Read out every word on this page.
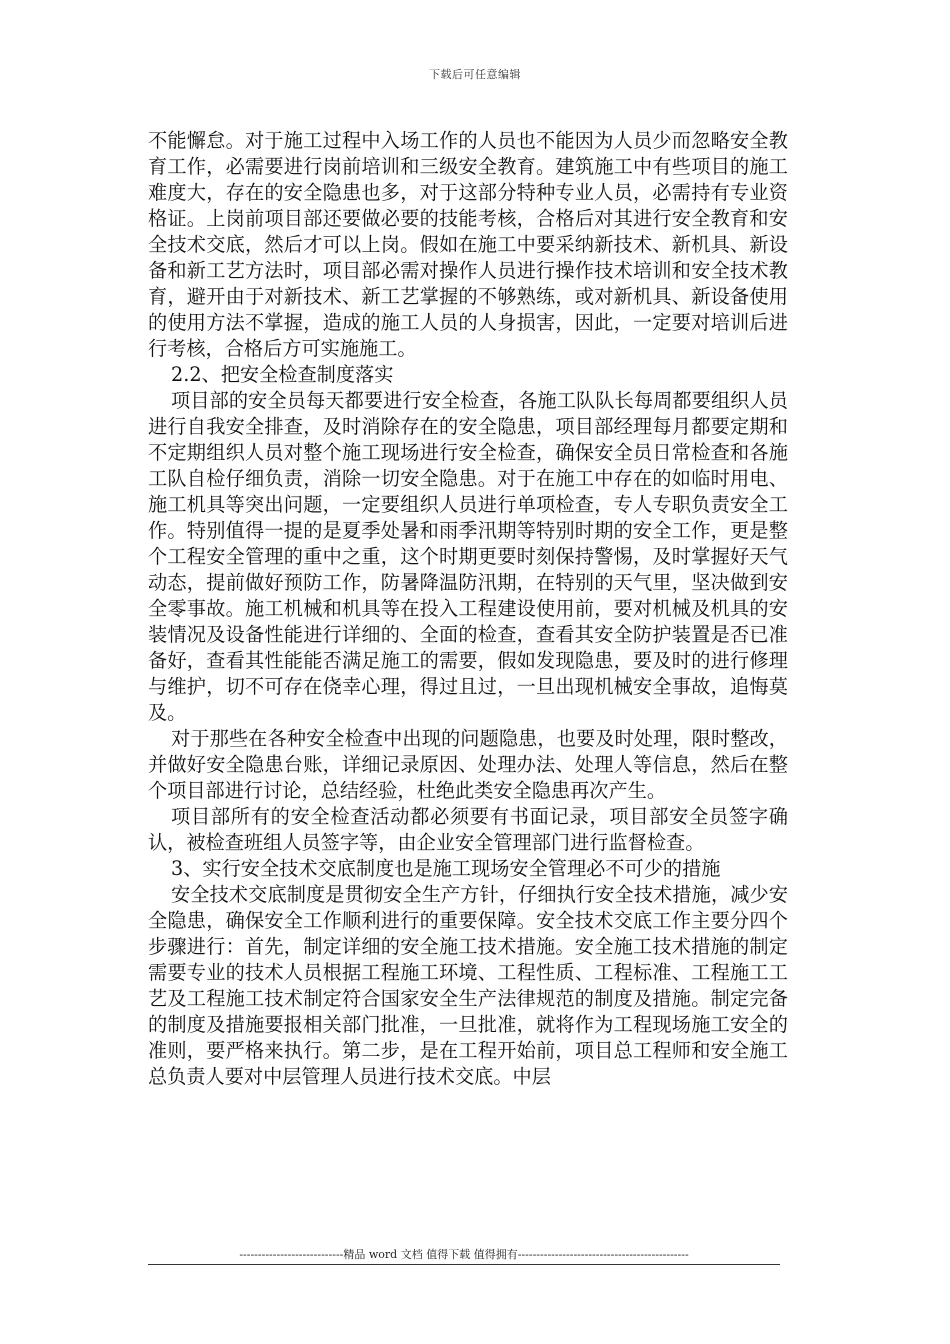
下载后可任意编辑

不能懈怠。对于施工过程中入场工作的人员也不能因为人员少而忽略安全教育工作，必需要进行岗前培训和三级安全教育。建筑施工中有些项目的施工难度大，存在的安全隐患也多，对于这部分特种专业人员，必需持有专业资格证。上岗前项目部还要做必要的技能考核，合格后对其进行安全教育和安全技术交底，然后才可以上岗。假如在施工中要采纳新技术、新机具、新设备和新工艺方法时，项目部必需对操作人员进行操作技术培训和安全技术教育，避开由于对新技术、新工艺掌握的不够熟练，或对新机具、新设备使用的使用方法不掌握，造成的施工人员的人身损害，因此，一定要对培训后进行考核，合格后方可实施施工。

2.2、把安全检查制度落实

项目部的安全员每天都要进行安全检查，各施工队队长每周都要组织人员进行自我安全排查，及时消除存在的安全隐患，项目部经理每月都要定期和不定期组织人员对整个施工现场进行安全检查，确保安全员日常检查和各施工队自检仔细负责，消除一切安全隐患。对于在施工中存在的如临时用电、施工机具等突出问题，一定要组织人员进行单项检查，专人专职负责安全工作。特别值得一提的是夏季处暑和雨季汛期等特别时期的安全工作，更是整个工程安全管理的重中之重，这个时期更要时刻保持警惕，及时掌握好天气动态，提前做好预防工作，防暑降温防汛期，在特别的天气里，坚决做到安全零事故。施工机械和机具等在投入工程建设使用前，要对机械及机具的安装情况及设备性能进行详细的、全面的检查，查看其安全防护装置是否已准备好，查看其性能能否满足施工的需要，假如发现隐患，要及时的进行修理与维护，切不可存在侥幸心理，得过且过，一旦出现机械安全事故，追悔莫及。

对于那些在各种安全检查中出现的问题隐患，也要及时处理，限时整改，并做好安全隐患台账，详细记录原因、处理办法、处理人等信息，然后在整个项目部进行讨论，总结经验，杜绝此类安全隐患再次产生。

项目部所有的安全检查活动都必须要有书面记录，项目部安全员签字确认，被检查班组人员签字等，由企业安全管理部门进行监督检查。

3、实行安全技术交底制度也是施工现场安全管理必不可少的措施

安全技术交底制度是贯彻安全生产方针，仔细执行安全技术措施，减少安全隐患，确保安全工作顺利进行的重要保障。安全技术交底工作主要分四个步骤进行：首先，制定详细的安全施工技术措施。安全施工技术措施的制定需要专业的技术人员根据工程施工环境、工程性质、工程标准、工程施工工艺及工程施工技术制定符合国家安全生产法律规范的制度及措施。制定完备的制度及措施要报相关部门批准，一旦批准，就将作为工程现场施工安全的准则，要严格来执行。第二步，是在工程开始前，项目总工程师和安全施工总负责人要对中层管理人员进行技术交底。中层

----------------------------精品 word 文档 值得下载 值得拥有----------------------------------------------
